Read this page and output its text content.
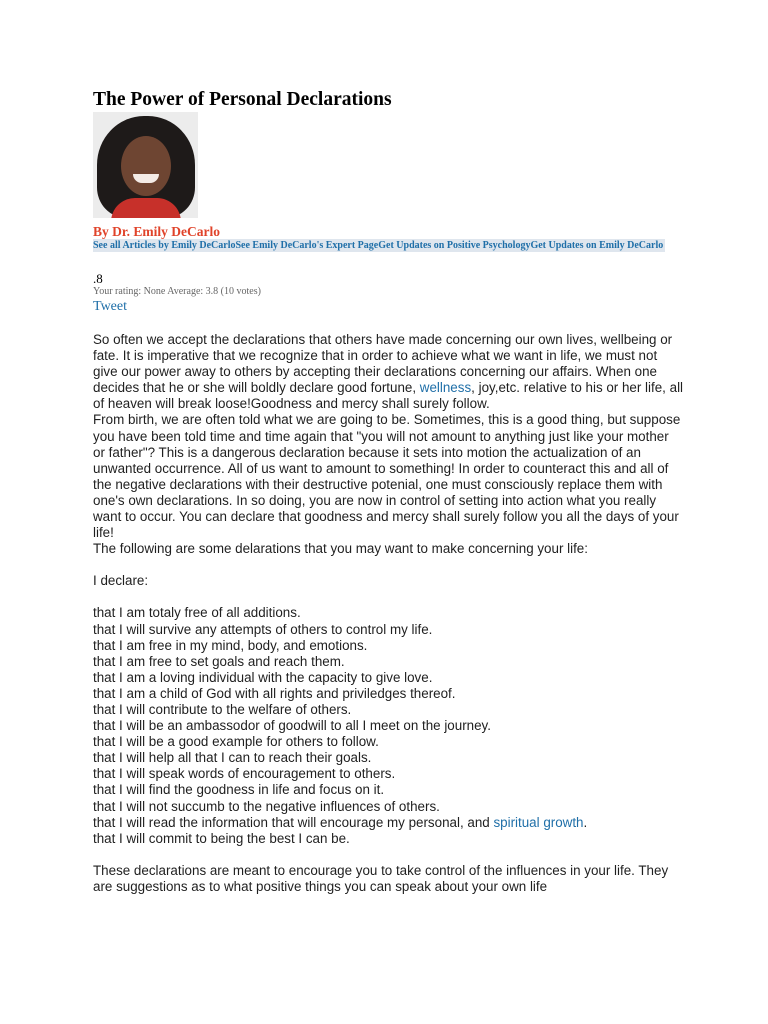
The Power of Personal Declarations
By Dr. Emily DeCarlo
See all Articles by Emily DeCarloSee Emily DeCarlo's Expert PageGet Updates on Positive PsychologyGet Updates on Emily DeCarlo
.8
Your rating: None Average: 3.8 (10 votes)
Tweet

So often we accept the declarations that others have made concerning our own lives, wellbeing or fate. It is imperative that we recognize that in order to achieve what we want in life, we must not give our power away to others by accepting their declarations concerning our affairs. When one decides that he or she will boldly declare good fortune, wellness, joy,etc. relative to his or her life, all of heaven will break loose!Goodness and mercy shall surely follow.

From birth, we are often told what we are going to be. Sometimes, this is a good thing, but suppose you have been told time and time again that "you will not amount to anything just like your mother or father"? This is a dangerous declaration because it sets into motion the actualization of an unwanted occurrence. All of us want to amount to something! In order to counteract this and all of the negative declarations with their destructive potenial, one must consciously replace them with one's own declarations. In so doing, you are now in control of setting into action what you really want to occur. You can declare that goodness and mercy shall surely follow you all the days of your life!

The following are some delarations that you may want to make concerning your life:

I declare:

that I am totaly free of all additions.

that I will survive any attempts of others to control my life.

that I am free in my mind, body, and emotions.

that I am free to set goals and reach them.

that I am a loving individual with the capacity to give love.

that I am a child of God with all rights and priviledges thereof.

that I will contribute to the welfare of others.

that I will be an ambassodor of goodwill to all I meet on the journey.

that I will be a good example for others to follow.

that I will help all that I can to reach their goals.

that I will speak words of encouragement to others.

that I will find the goodness in life and focus on it.

that I will not succumb to the negative influences of others.

that I will read the information that will encourage my personal, and spiritual growth.

that I will commit to being the best I can be.

These declarations are meant to encourage you to take control of the influences in your life. They are suggestions as to what positive things you can speak about your own life
